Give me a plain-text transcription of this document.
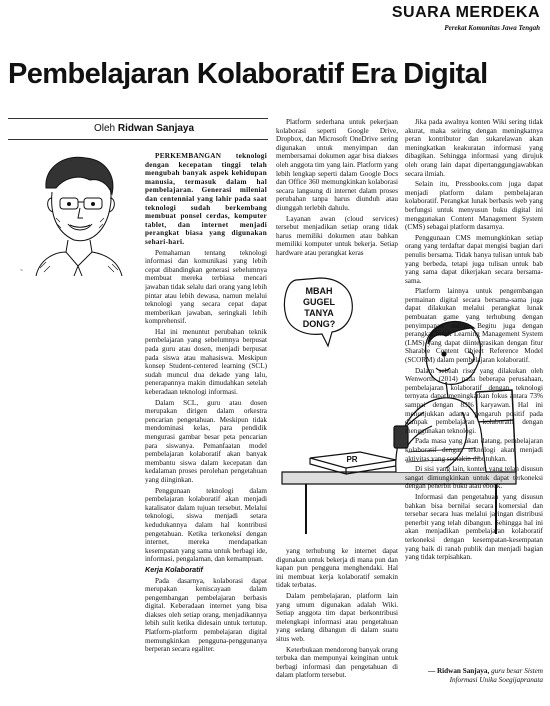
SUARA MERDEKA
Perekat Komunitas Jawa Tengah
Pembelajaran Kolaboratif Era Digital
Oleh Ridwan Sanjaya
~

PERKEMBANGAN teknologi dengan kecepatan tinggi telah mengubah banyak aspek kehidupan manusia, termasuk dalam hal pembelajaran. Generasi milenial dan centennial yang lahir pada saat teknologi sudah berkembang membuat ponsel cerdas, komputer tablet, dan internet menjadi perangkat biasa yang digunakan sehari-hari.

Pemahaman tentang teknologi informasi dan komunikasi yang lebih cepat dibandingkan generasi sebelumnya membuat mereka terbiasa mencari jawaban tidak selalu dari orang yang lebih pintar atau lebih dewasa, namun melalui teknologi yang secara cepat dapat memberikan jawaban, seringkali lebih komprehensif.

Hal ini menuntut perubahan teknik pembelajaran yang sebelumnya berpusat pada guru atau dosen, menjadi berpusat pada siswa atau mahasiswa. Meskipun konsep Student-centered learning (SCL) sudah muncul dua dekade yang lalu, penerapannya makin dimudahkan setelah keberadaan teknologi informasi.

Dalam SCL, guru atau dosen merupakan dirigen dalam orkestra pencarian pengetahuan. Meskipun tidak mendominasi kelas, para pendidik mengurasi gambar besar peta pencarian para siswanya. Pemanfaatan model pembelajaran kolaboratif akan banyak membantu siswa dalam kecepatan dan kedalaman proses perolehan pengetahuan yang diinginkan.

Penggunaan teknologi dalam pembelajaran kolaboratif akan menjadi katalisator dalam tujuan tersebut. Melalui teknologi, siswa menjadi setara kedudukannya dalam hal kontribusi pengetahuan. Ketika terkoneksi dengan internet, mereka mendapatkan kesempatan yang sama untuk berbagi ide, informasi, pengalaman, dan kemampuan.

Kerja Kolaboratif

Pada dasarnya, kolaborasi dapat merupakan keniscayaan dalam pengembangan pembelajaran berbasis digital. Keberadaan internet yang bisa diakses oleh setiap orang, menjadikannya lebih sulit ketika didesain untuk tertutup. Platform-platform pembelajaran digital memungkinkan pengguna-penggunanya berperan secara egaliter.

Platform sederhana untuk pekerjaan kolaborasi seperti Google Drive, Dropbox, dan Microsoft OneDrive sering digunakan untuk menyimpan dan membersamai dokumen agar bisa diakses oleh anggota tim yang lain. Platform yang lebih lengkap seperti dalam Google Docs dan Office 360 memungkinkan kolaborasi secara langsung di internet dalam proses perubahan tanpa harus diunduh atau diunggah terlebih dahulu.

Layanan awan (cloud services) tersebut menjadikan setiap orang tidak harus memiliki dokumen atau bahkan memiliki komputer untuk bekerja. Setiap hardware atau perangkat keras

MBAH
GUGEL
TANYA
DONG?
PR

yang terhubung ke internet dapat digunakan untuk bekerja di mana pun dan kapan pun pengguna menghendaki. Hal ini membuat kerja kolaboratif semakin tidak terbatas.

Dalam pembelajaran, platform lain yang umum digunakan adalah Wiki. Setiap anggota tim dapat berkontribusi melengkapi informasi atau pengetahuan yang sedang dibangun di dalam suatu situs web.

Keterbukaan mendorong banyak orang terbuka dan mempunyai keinginan untuk berbagi informasi dan pengetahuan di dalam platform tersebut.

Jika pada awalnya konten Wiki sering tidak akurat, maka seiring dengan meningkatnya peran kontributor dan sukarelawan akan meningkatkan keakuratan informasi yang dibagikan. Sehingga informasi yang dirujuk oleh orang lain dapat dipertanggungjawabkan secara ilmiah.

Selain itu, Pressbooks.com juga dapat menjadi platform dalam pembelajaran kolaboratif. Perangkat lunak berbasis web yang berfungsi untuk menyusun buku digital ini menggunakan Content Management System (CMS) sebagai platform dasarnya.

Penggunaan CMS memungkinkan setiap orang yang terdaftar dapat mengisi bagian dari penulis bersama. Tidak hanya tulisan untuk bab yang berbeda, tetapi juga tulisan untuk bab yang sama dapat dikerjakan secara bersama-sama.

Platform lainnya untuk pengembangan permainan digital secara bersama-sama juga dapat dilakukan melalui perangkat lunak pembuatan game yang terhubung dengan penyimpanan online. Begitu juga dengan perangkat lunak Learning Management System (LMS) yang dapat diintegrasikan dengan fitur Sharable Content Object Reference Model (SCORM) dalam pembelajaran kolaboratif.

Dalam sebuah riset yang dilakukan oleh Wenworth (2014) pada beberapa perusahaan, pembelajaran kolaboratif dengan teknologi ternyata dapat meningkatkan fokus antara 73% sampai dengan 83% karyawan. Hal ini menunjukkan adanya pengaruh positif pada dampak pembelajaran kolaboratif dengan menggunakan teknologi.

Pada masa yang akan datang, pembelajaran kolaboratif dengan teknologi akan menjadi aktivitas yang semakin dibutuhkan.

Di sisi yang lain, konten yang telah disusun sangat dimungkinkan untuk dapat terkoneksi dengan penerbit buku atau ebook.

Informasi dan pengetahuan yang disusun bahkan bisa bernilai secara komersial dan tersebar secara luas melalui jaringan distribusi penerbit yang telah dibangun. Sehingga hal ini akan menjadikan pembelajaran kolaboratif terkoneksi dengan kesempatan-kesempatan yang baik di ranah publik dan menjadi bagian yang tidak terpisahkan.

— Ridwan Sanjaya, guru besar Sistem Informasi Unika Soegijapranata
